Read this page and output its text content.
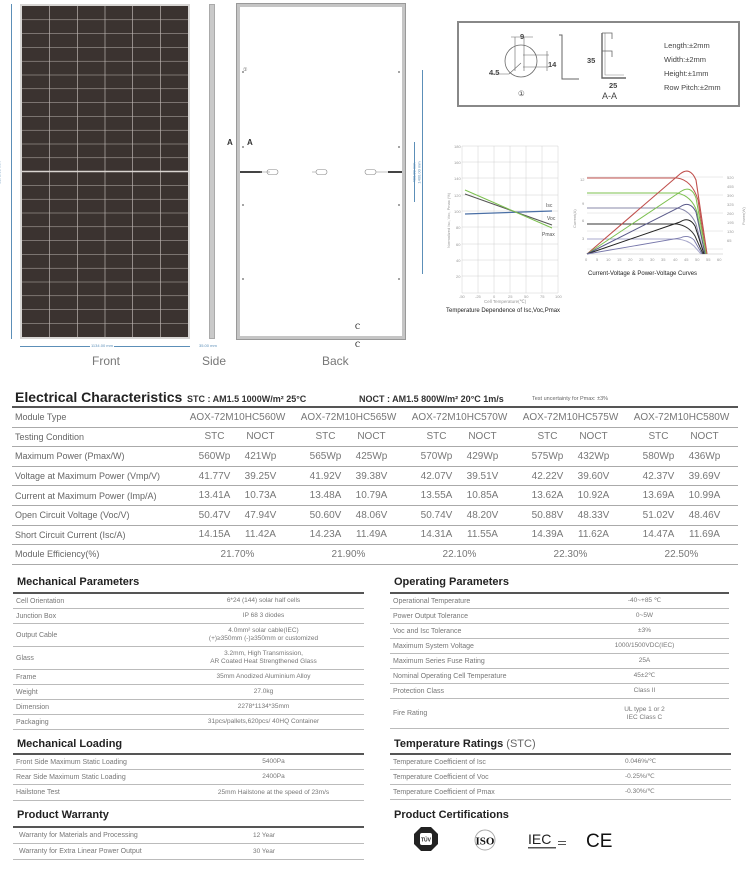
1134.00 mm
Front
35.00 mm
Side
①
A A
Ⲥ
Ⲥ
400.00 mm 1400.00 mm
Back
9
14
4.5
①
35
25
A-A
Length:±2mm
Width:±2mm
Height:±1mm
Row Pitch:±2mm
180
160
140
120
100
80
60
40
20
-50	-25	0	25	50	75	100
Isc
Voc
Pmax
Normalized Isc, Voc, Pmax (%)
Cell Temperature(℃)
Temperature Dependence of Isc,Voc,Pmax
12
9
6
3
0 5 10 15 20 25 30 35 40 45 50 55 60
520
455
390
325
260
195
130
65
Current(A)	Power(W)
Current-Voltage & Power-Voltage Curves
Electrical Characteristics STC : AM1.5 1000W/m² 25°C	NOCT : AM1.5 800W/m² 20°C 1m/s	Test uncertainty for Pmax: ±3%
Module Type	AOX-72M10HC560W	AOX-72M10HC565W	AOX-72M10HC570W	AOX-72M10HC575W	AOX-72M10HC580W
Testing Condition	STC	NOCT	STC	NOCT	STC	NOCT	STC	NOCT	STC	NOCT
Maximum Power (Pmax/W)	560Wp 421Wp	565Wp 425Wp	570Wp 429Wp	575Wp 432Wp	580Wp 436Wp
Voltage at Maximum Power (Vmp/V)	41.77V 39.25V	41.92V 39.38V	42.07V 39.51V	42.22V 39.60V	42.37V 39.69V
Current at Maximum Power (Imp/A)	13.41A 10.73A	13.48A 10.79A	13.55A 10.85A	13.62A 10.92A	13.69A 10.99A
Open Circuit Voltage (Voc/V)	50.47V 47.94V	50.60V 48.06V	50.74V 48.20V	50.88V 48.33V	51.02V 48.46V
Short Circuit Current (Isc/A)	14.15A 11.42A	14.23A 11.49A	14.31A 11.55A	14.39A 11.62A	14.47A 11.69A
Module Efficiency(%)	21.70%	21.90%	22.10%	22.30%	22.50%
Mechanical Parameters
Cell Orientation	6*24 (144) solar half cells
Junction Box	IP 68 3 diodes
Output Cable
4.0mm² solar cable(IEC)
(+)≥350mm (-)≥350mm or customized
Glass
3.2mm, High Transmission,
AR Coated Heat Strengthened Glass
Frame	35mm Anodized Aluminium Alloy
Weight	27.0kg
Dimension	2278*1134*35mm
Packaging	31pcs/pallets,620pcs/ 40HQ Container
Operating Parameters
Operational Temperature	-40~+85 ℃
Power Output Tolerance	0~5W
Voc and Isc Tolerance	±3%
Maximum System Voltage	1000/1500VDC(IEC)
Maximum Series Fuse Rating	25A
Nominal Operating Cell Temperature	45±2℃
Protection Class	Class II
Fire Rating
UL type 1 or 2
IEC Class C
Mechanical Loading
Front Side Maximum Static Loading	5400Pa
Rear Side Maximum Static Loading	2400Pa
Hailstone Test	25mm Hailstone at the speed of 23m/s
Product Warranty
Warranty for Materials and Processing	12 Year
Warranty for Extra Linear Power Output	30 Year
Temperature Ratings (STC)
Temperature Coefficient of Isc	0.046%/℃
Temperature Coefficient of Voc	-0.25%/℃
Temperature Coefficient of Pmax	-0.30%/℃
Product Certifications
TÜV	ISO IEC CE
